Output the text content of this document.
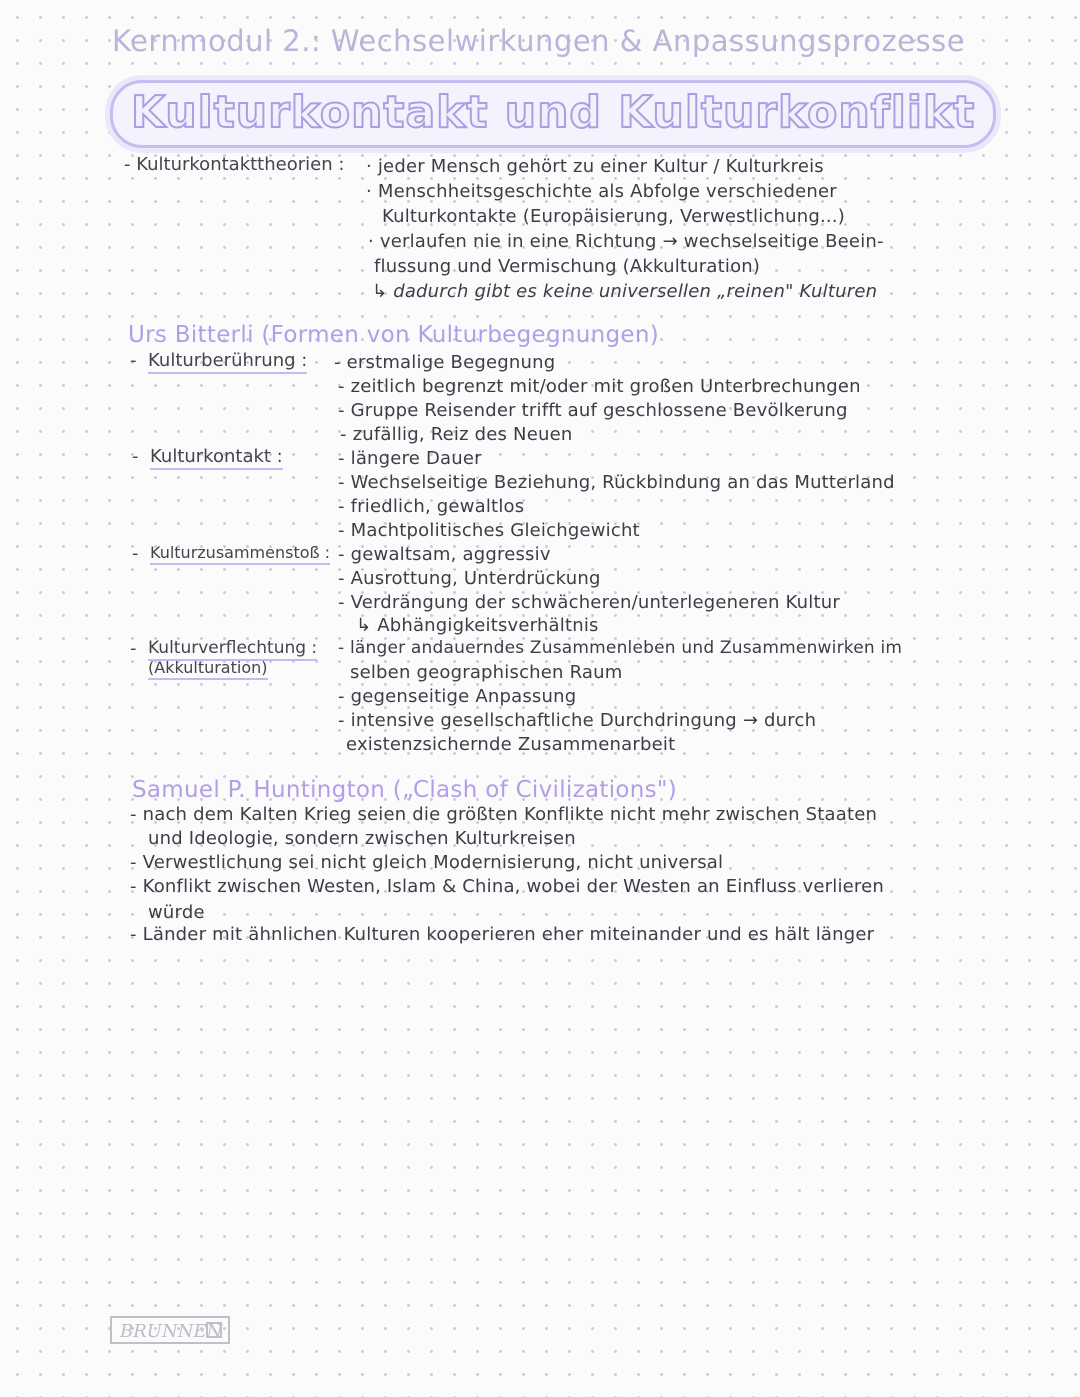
Kernmodul 2.: Wechselwirkungen & Anpassungsprozesse
Kulturkontakt und Kulturkonflikt
- Kulturkontakttheorien : · jeder Mensch gehört zu einer Kultur / Kulturkreis
· Menschheitsgeschichte als Abfolge verschiedener
Kulturkontakte (Europäisierung, Verwestlichung...)
· verlaufen nie in eine Richtung → wechselseitige Beein-
flussung und Vermischung (Akkulturation)
↳ dadurch gibt es keine universellen „reinen" Kulturen
Urs Bitterli (Formen von Kulturbegegnungen)
- Kulturberührung : - erstmalige Begegnung
- zeitlich begrenzt mit/oder mit großen Unterbrechungen
- Gruppe Reisender trifft auf geschlossene Bevölkerung
- zufällig, Reiz des Neuen
- Kulturkontakt :	- längere Dauer
- Wechselseitige Beziehung, Rückbindung an das Mutterland
- friedlich, gewaltlos
- Machtpolitisches Gleichgewicht
- Kulturzusammenstoß : - gewaltsam, aggressiv
- Ausrottung, Unterdrückung
- Verdrängung der schwächeren/unterlegeneren Kultur
↳ Abhängigkeitsverhältnis
- Kulturverflechtung :
(Akkulturation)
- länger andauerndes Zusammenleben und Zusammenwirken im
selben geographischen Raum
- gegenseitige Anpassung
- intensive gesellschaftliche Durchdringung → durch
existenzsichernde Zusammenarbeit
Samuel P. Huntington („Clash of Civilizations")
- nach dem Kalten Krieg seien die größten Konflikte nicht mehr zwischen Staaten
und Ideologie, sondern zwischen Kulturkreisen
- Verwestlichung sei nicht gleich Modernisierung, nicht universal
- Konflikt zwischen Westen, Islam & China, wobei der Westen an Einfluss verlieren
würde
- Länder mit ähnlichen Kulturen kooperieren eher miteinander und es hält länger
BRUNNEN
